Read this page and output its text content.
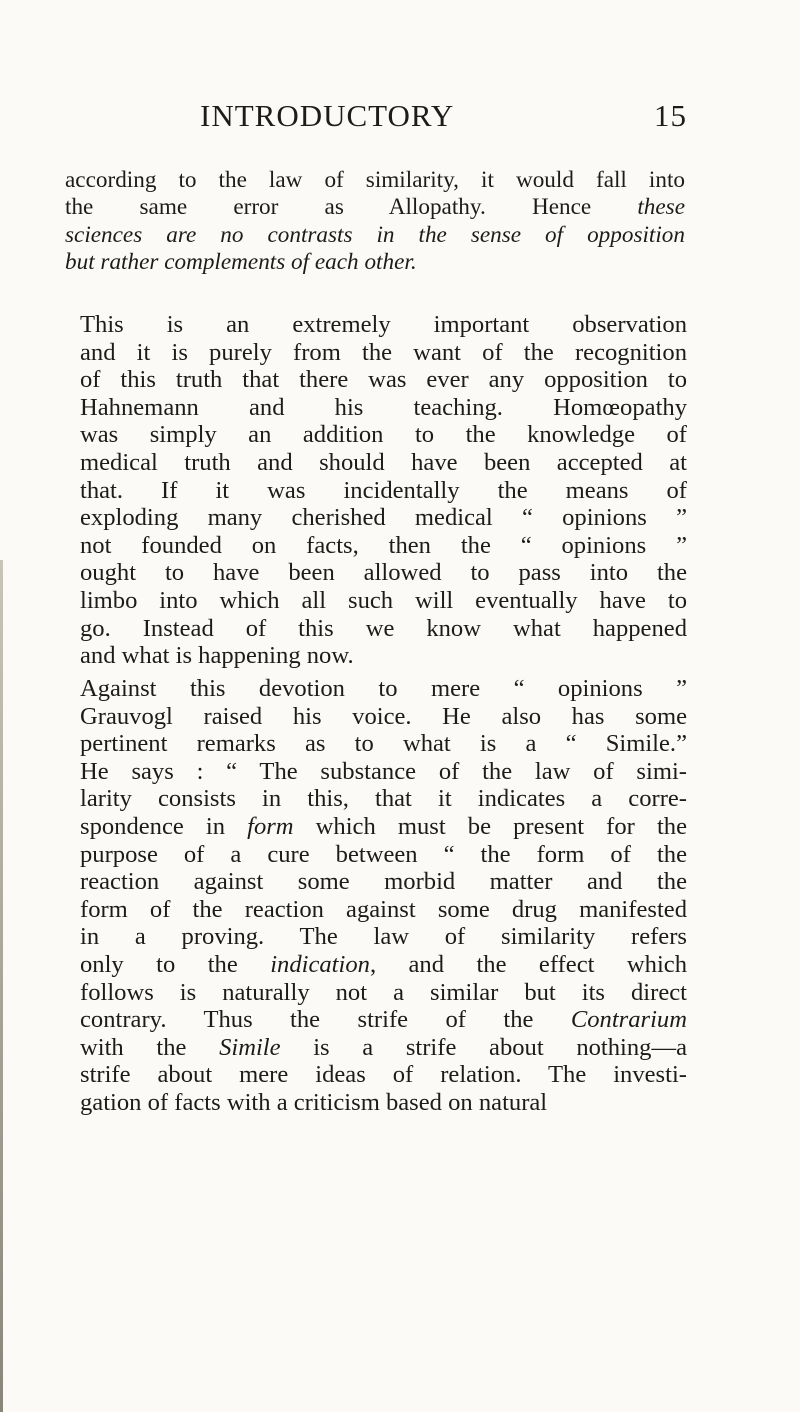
INTRODUCTORY	15
according to the law of similarity, it would fall into
the same error as Allopathy. Hence these
sciences are no contrasts in the sense of opposition
but rather complements of each other.
This is an extremely important observation
and it is purely from the want of the recognition
of this truth that there was ever any opposition to
Hahnemann and his teaching. Homœopathy
was simply an addition to the knowledge of
medical truth and should have been accepted at
that. If it was incidentally the means of
exploding many cherished medical “ opinions ”
not founded on facts, then the “ opinions ”
ought to have been allowed to pass into the
limbo into which all such will eventually have to
go. Instead of this we know what happened
and what is happening now.
Against this devotion to mere “ opinions ”
Grauvogl raised his voice. He also has some
pertinent remarks as to what is a “ Simile.”
He says : “ The substance of the law of simi-
larity consists in this, that it indicates a corre-
spondence in form which must be present for the
purpose of a cure between “ the form of the
reaction against some morbid matter and the
form of the reaction against some drug manifested
in a proving. The law of similarity refers
only to the indication, and the effect which
follows is naturally not a similar but its direct
contrary. Thus the strife of the Contrarium
with the Simile is a strife about nothing—a
strife about mere ideas of relation. The investi-
gation of facts with a criticism based on natural
